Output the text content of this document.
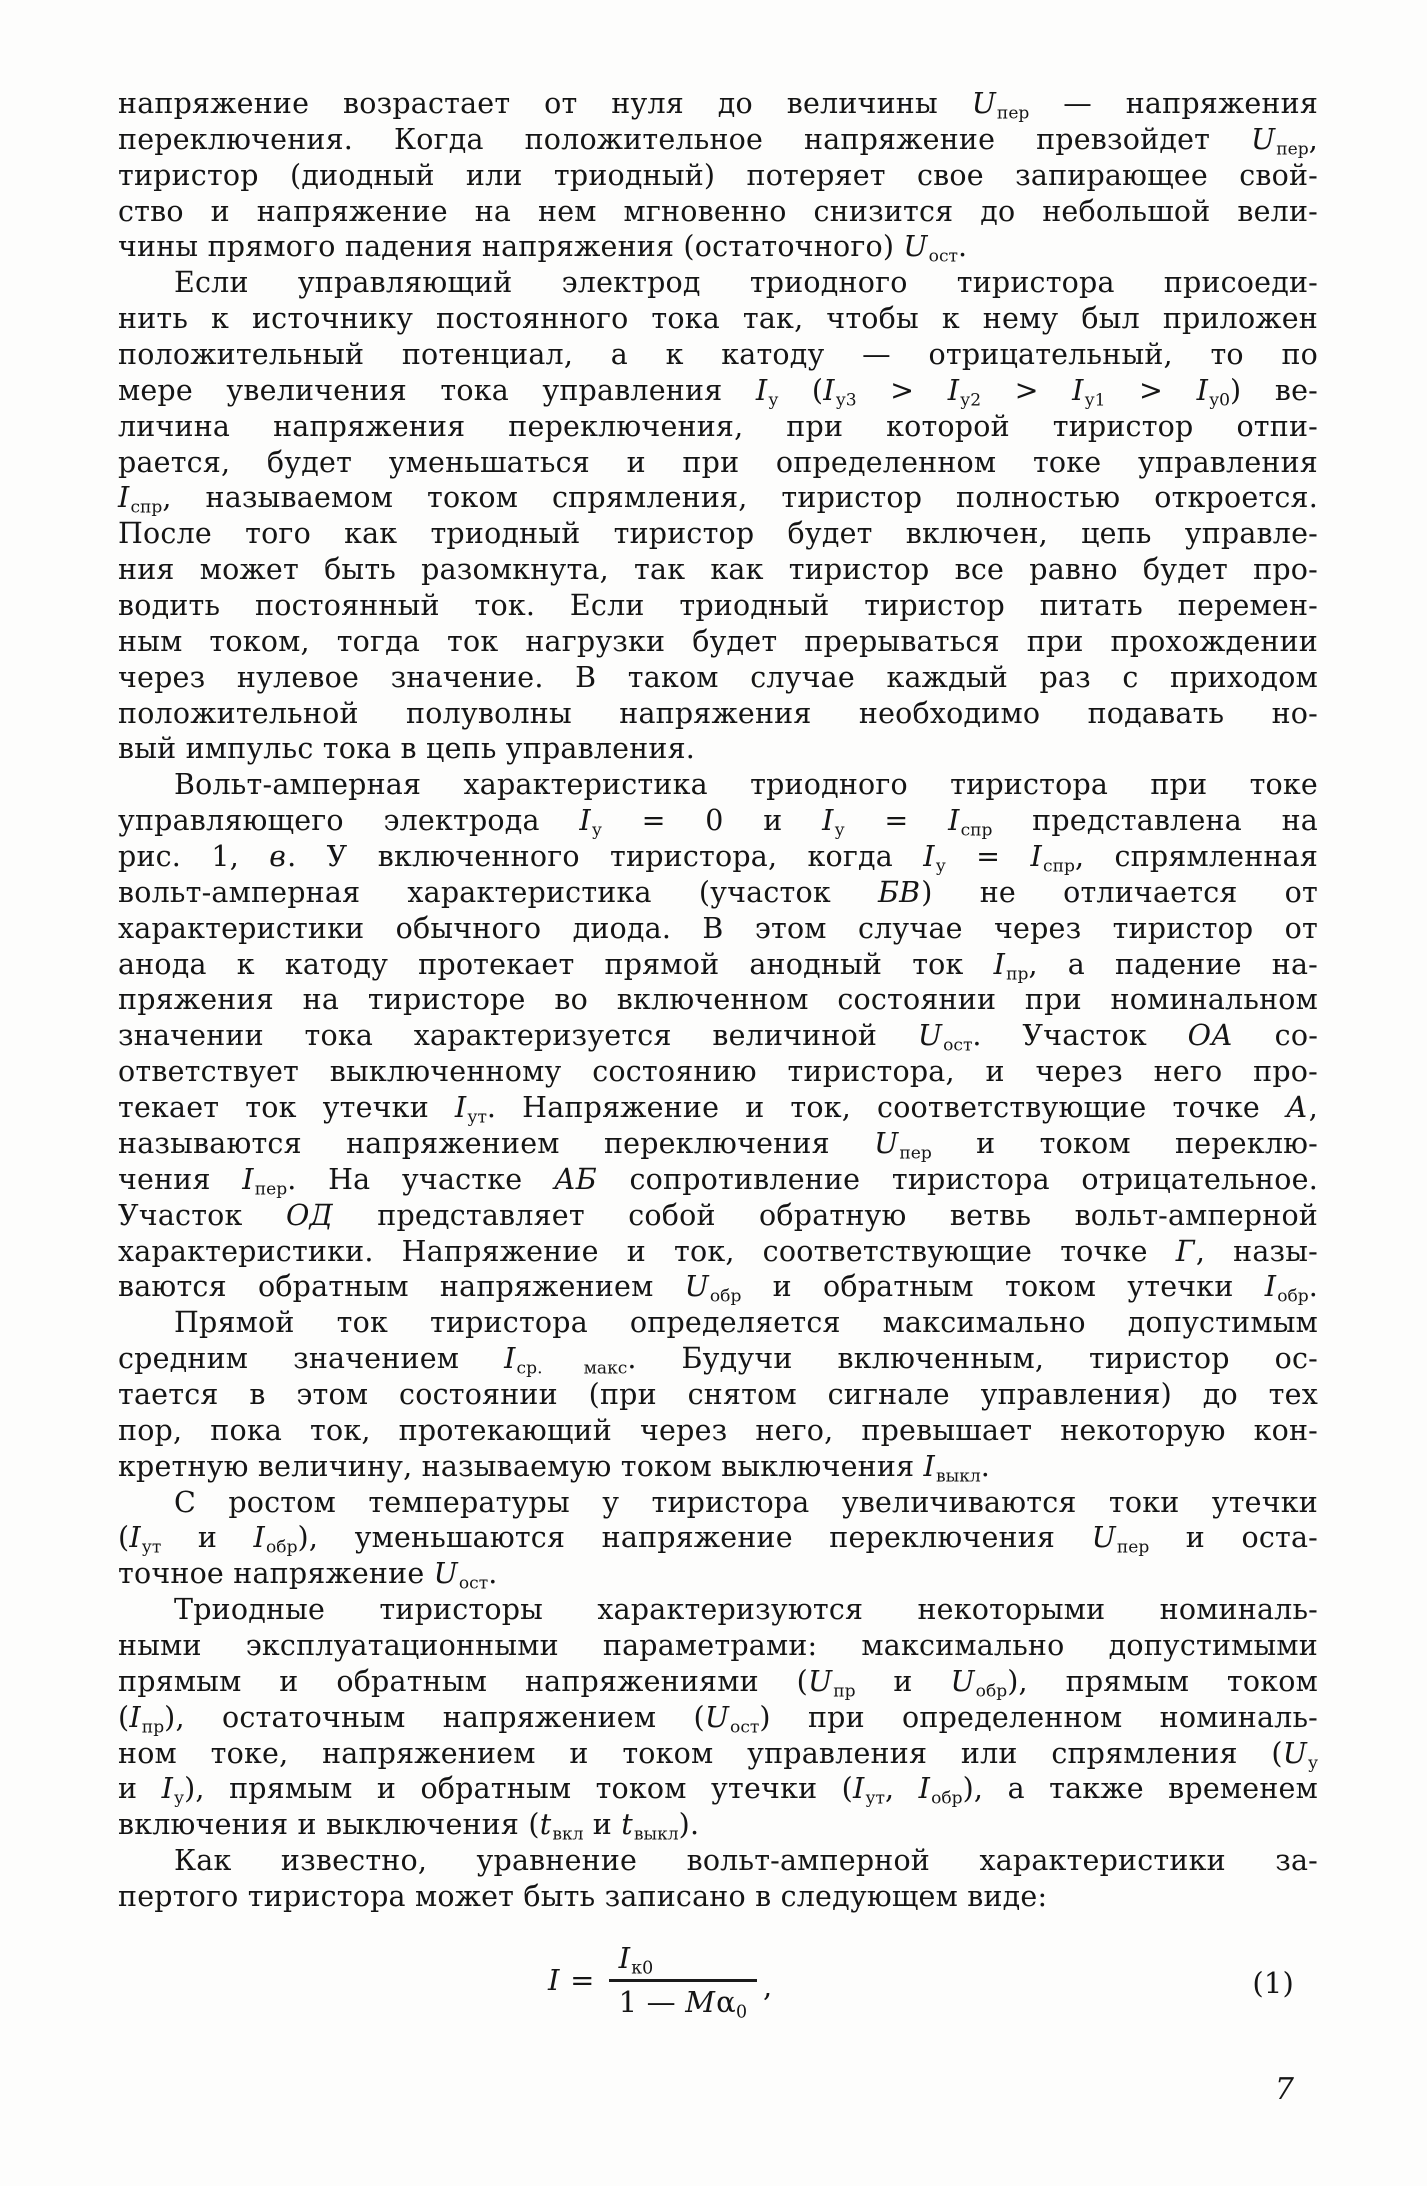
напряжение возрастает от нуля до величины $U_{пер}$ — напряжения
переключения. Когда положительное напряжение превзойдет $U_{пер}$,
тиристор (диодный или триодный) потеряет свое запирающее свой-
ство и напряжение на нем мгновенно снизится до небольшой вели-
чины прямого падения напряжения (остаточного) $U_{ост}$.
Если управляющий электрод триодного тиристора присоеди-
нить к источнику постоянного тока так, чтобы к нему был приложен
положительный потенциал, а к катоду — отрицательный, то по
мере увеличения тока управления $I_у$ $(I_{у3} > I_{у2} > I_{у1} > I_{у0})$ ве-
личина напряжения переключения, при которой тиристор отпи-
рается, будет уменьшаться и при определенном токе управления
$I_{спр}$, называемом током спрямления, тиристор полностью откроется.
После того как триодный тиристор будет включен, цепь управле-
ния может быть разомкнута, так как тиристор все равно будет про-
водить постоянный ток. Если триодный тиристор питать перемен-
ным током, тогда ток нагрузки будет прерываться при прохождении
через нулевое значение. В таком случае каждый раз с приходом
положительной полуволны напряжения необходимо подавать но-
вый импульс тока в цепь управления.
Вольт-амперная характеристика триодного тиристора при токе
управляющего электрода $I_у = 0$ и $I_у = I_{спр}$ представлена на
рис. 1, в. У включенного тиристора, когда $I_у = I_{спр}$, спрямленная
вольт-амперная характеристика (участок БВ) не отличается от
характеристики обычного диода. В этом случае через тиристор от
анода к катоду протекает прямой анодный ток $I_{пр}$, а падение на-
пряжения на тиристоре во включенном состоянии при номинальном
значении тока характеризуется величиной $U_{ост}$. Участок ОА со-
ответствует выключенному состоянию тиристора, и через него про-
текает ток утечки $I_{ут}$. Напряжение и ток, соответствующие точке А,
называются напряжением переключения $U_{пер}$ и током переклю-
чения $I_{пер}$. На участке АБ сопротивление тиристора отрицательное.
Участок ОД представляет собой обратную ветвь вольт-амперной
характеристики. Напряжение и ток, соответствующие точке Г, назы-
ваются обратным напряжением $U_{обр}$ и обратным током утечки $I_{обр}$.
Прямой ток тиристора определяется максимально допустимым
средним значением $I_{ср. макс}$. Будучи включенным, тиристор ос-
тается в этом состоянии (при снятом сигнале управления) до тех
пор, пока ток, протекающий через него, превышает некоторую кон-
кретную величину, называемую током выключения $I_{выкл}$.
С ростом температуры у тиристора увеличиваются токи утечки
($I_{ут}$ и $I_{обр}$), уменьшаются напряжение переключения $U_{пер}$ и оста-
точное напряжение $U_{ост}$.
Триодные тиристоры характеризуются некоторыми номиналь-
ными эксплуатационными параметрами: максимально допустимыми
прямым и обратным напряжениями ($U_{пр}$ и $U_{обр}$), прямым током
$(I_{пр})$, остаточным напряжением $(U_{ост})$ при определенном номиналь-
ном токе, напряжением и током управления или спрямления ($U_у$
и $I_у$), прямым и обратным током утечки ($I_{ут}$, $I_{обр}$), а также временем
включения и выключения ($t_{вкл}$ и $t_{выкл}$).
Как известно, уравнение вольт-амперной характеристики за-
пертого тиристора может быть записано в следующем виде:
$I = \frac{I_{к0}}{1 — M\alpha_0}$ ,	(1)
7
